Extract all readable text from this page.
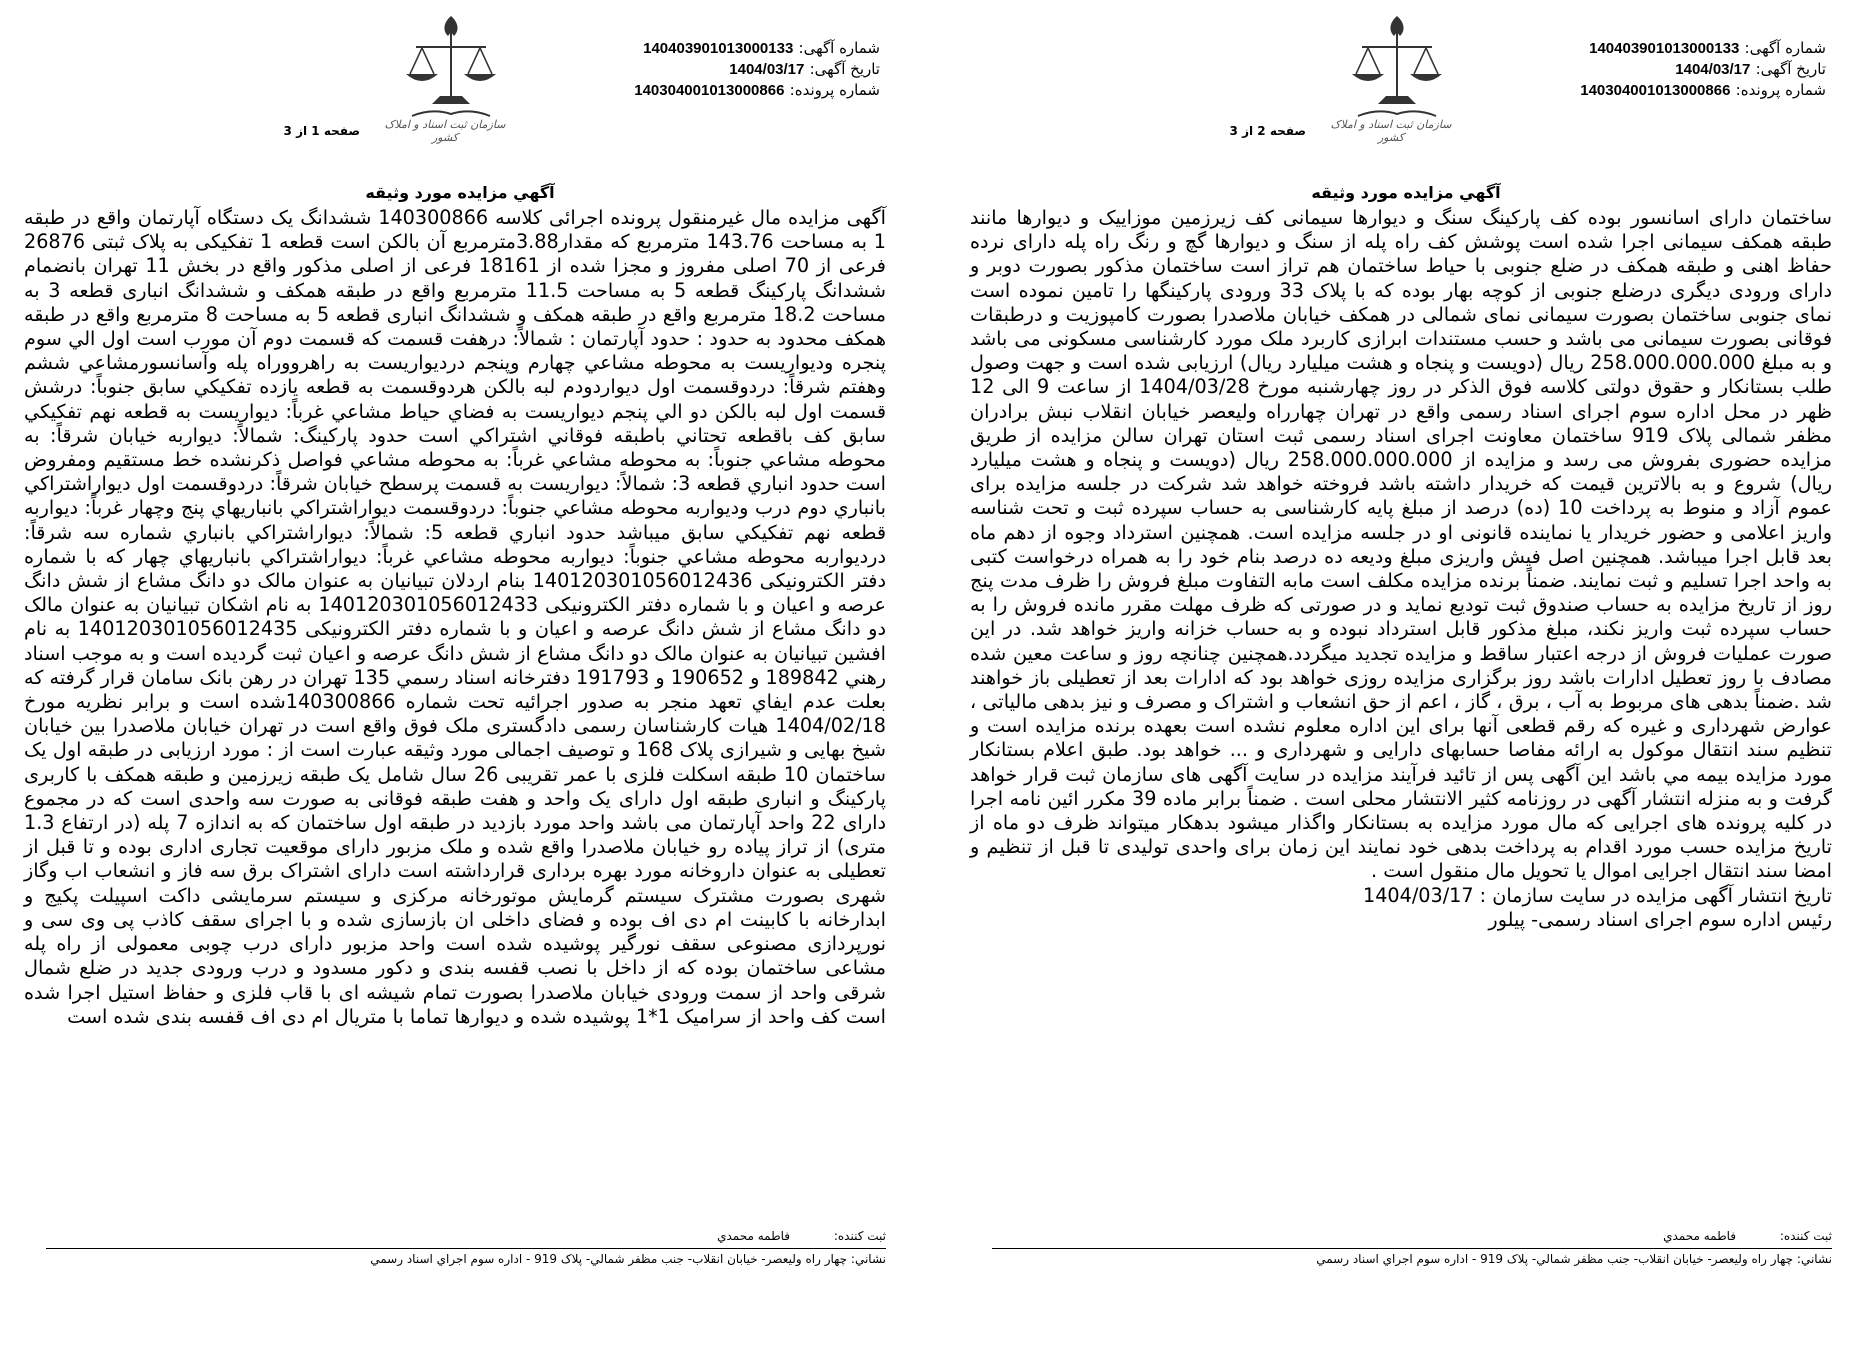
شماره آگهی: 140403901013000133
تاریخ آگهی: 1404/03/17
شماره پرونده: 140304001013000866
سازمان ثبت اسناد و املاک کشور
صفحه 2 از 3
آگهي مزايده مورد وثيقه
ساختمان دارای اسانسور بوده کف پارکینگ سنگ و دیوارها سیمانی کف زیرزمین موزاییک و دیوارها مانند طبقه همکف سیمانی اجرا شده است پوشش کف راه پله از سنگ و دیوارها گچ و رنگ راه پله دارای نرده حفاظ اهنی و طبقه همکف در ضلع جنوبی با حیاط ساختمان هم تراز است ساختمان مذکور بصورت دوبر و دارای ورودی دیگری درضلع جنوبی از کوچه بهار بوده که با پلاک 33 ورودی پارکینگها را تامین نموده است نمای جنوبی ساختمان بصورت سیمانی نمای شمالی در همکف خیابان ملاصدرا بصورت کامپوزیت و درطبقات فوقانی بصورت سیمانی می باشد و حسب مستندات ابرازی کاربرد ملک مورد کارشناسی مسکونی می باشد و به مبلغ 258.000.000.000 ریال (دویست و پنجاه و هشت میلیارد ریال) ارزیابی شده است و جهت وصول طلب بستانکار و حقوق دولتی کلاسه فوق الذکر در روز چهارشنبه مورخ 1404/03/28 از ساعت 9 الی 12 ظهر در محل اداره سوم اجرای اسناد رسمی واقع در تهران چهارراه ولیعصر خیابان انقلاب نبش برادران مظفر شمالی پلاک 919 ساختمان معاونت اجرای اسناد رسمی ثبت استان تهران سالن مزایده از طریق مزایده حضوری بفروش می رسد و مزایده از 258.000.000.000 ریال (دویست و پنجاه و هشت میلیارد ریال) شروع و به بالاترین قیمت که خریدار داشته باشد فروخته خواهد شد شرکت در جلسه مزایده برای عموم آزاد و منوط به پرداخت 10 (ده) درصد از مبلغ پایه کارشناسی به حساب سپرده ثبت و تحت شناسه واریز اعلامی و حضور خریدار یا نماینده قانونی او در جلسه مزایده است. همچنین استرداد وجوه از دهم ماه بعد قابل اجرا میباشد. همچنین اصل فیش واریزی مبلغ ودیعه ده درصد بنام خود را به همراه درخواست کتبی به واحد اجرا تسلیم و ثبت نمایند. ضمناً برنده مزایده مکلف است مابه التفاوت مبلغ فروش را ظرف مدت پنج روز از تاریخ مزایده به حساب صندوق ثبت تودیع نماید و در صورتی که ظرف مهلت مقرر مانده فروش را به حساب سپرده ثبت واریز نکند، مبلغ مذکور قابل استرداد نبوده و به حساب خزانه واریز خواهد شد. در این صورت عملیات فروش از درجه اعتبار ساقط و مزایده تجدید میگردد.همچنین چنانچه روز و ساعت معین شده مصادف با روز تعطیل ادارات باشد روز برگزاری مزایده روزی خواهد بود که ادارات بعد از تعطیلی باز خواهند شد .ضمناً بدهی های مربوط به آب ، برق ، گاز ، اعم از حق انشعاب و اشتراک و مصرف و نیز بدهی مالیاتی ، عوارض شهرداری و غیره که رقم قطعی آنها برای این اداره معلوم نشده است بعهده برنده مزایده است و تنظیم سند انتقال موکول به ارائه مفاصا حسابهای دارایی و شهرداری و ... خواهد بود. طبق اعلام بستانکار مورد مزایده بیمه مي باشد این آگهی پس از تائید فرآیند مزایده در سایت آگهی های سازمان ثبت قرار خواهد گرفت و به منزله انتشار آگهی در روزنامه کثیر الانتشار محلی است . ضمناً برابر ماده 39 مکرر ائین نامه اجرا در کلیه پرونده های اجرایی که مال مورد مزایده به بستانکار واگذار میشود بدهکار میتواند ظرف دو ماه از تاریخ مزایده حسب مورد اقدام به پرداخت بدهی خود نمایند این زمان برای واحدی تولیدی تا قبل از تنظیم و امضا سند انتقال اجرایی اموال یا تحویل مال منقول است .
تاریخ انتشار آگهی مزایده در سایت سازمان : 1404/03/17
رئیس اداره سوم اجرای اسناد رسمی- پیلور
ثبت کننده: فاطمه محمدي
نشاني: چهار راه وليعصر- خيابان انقلاب- جنب مظفر شمالي- پلاک 919 - اداره سوم اجراي اسناد رسمي
شماره آگهی: 140403901013000133
تاریخ آگهی: 1404/03/17
شماره پرونده: 140304001013000866
سازمان ثبت اسناد و املاک کشور
صفحه 1 از 3
آگهي مزايده مورد وثيقه
آگهی مزایده مال غیرمنقول پرونده اجرائی کلاسه 140300866 ششدانگ یک دستگاه آپارتمان واقع در طبقه 1 به مساحت 143.76 مترمربع که مقدار3.88مترمربع آن بالکن است قطعه 1 تفکیکی به پلاک ثبتی 26876 فرعی از 70 اصلی مفروز و مجزا شده از 18161 فرعی از اصلی مذکور واقع در بخش 11 تهران بانضمام ششدانگ پارکینگ قطعه 5 به مساحت 11.5 مترمربع واقع در طبقه همکف و ششدانگ انباری قطعه 3 به مساحت 18.2 مترمربع واقع در طبقه همکف و ششدانگ انباری قطعه 5 به مساحت 8 مترمربع واقع در طبقه همکف محدود به حدود : حدود آپارتمان : شمالاً: درهفت قسمت که قسمت دوم آن مورب است اول الي سوم پنجره وديواريست به محوطه مشاعي چهارم وپنجم درديواريست به راهرووراه پله وآسانسورمشاعي ششم وهفتم شرقاً: دردوقسمت اول ديواردودم لبه بالکن هردوقسمت به قطعه يازده تفکيکي سابق جنوباً: درشش قسمت اول لبه بالکن دو الي پنجم ديواريست به فضاي حياط مشاعي غرباً: ديواريست به قطعه نهم تفکيکي سابق کف باقطعه تحتاني باطبقه فوقاني اشتراکي است حدود پارکينگ: شمالاً: ديواربه خيابان شرقاً: به محوطه مشاعي جنوباً: به محوطه مشاعي غرباً: به محوطه مشاعي فواصل ذکرنشده خط مستقيم ومفروض است حدود انباري قطعه 3: شمالاً: ديواريست به قسمت پرسطح خيابان شرقاً: دردوقسمت اول ديواراشتراکي بانباري دوم درب وديواربه محوطه مشاعي جنوباً: دردوقسمت ديواراشتراکي بانباريهاي پنج وچهار غرباً: ديواربه قطعه نهم تفکيکي سابق ميباشد حدود انباري قطعه 5: شمالاً: ديواراشتراکي بانباري شماره سه شرقاً: درديواربه محوطه مشاعي جنوباً: ديواربه محوطه مشاعي غرباً: ديواراشتراکي بانباريهاي چهار که با شماره دفتر الکترونيکی 140120301056012436 بنام اردلان تبيانيان به عنوان مالک دو دانگ مشاع از شش دانگ عرصه و اعيان و با شماره دفتر الکترونيکی 140120301056012433 به نام اشکان تبيانيان به عنوان مالک دو دانگ مشاع از شش دانگ عرصه و اعيان و با شماره دفتر الکترونيکی 140120301056012435 به نام افشين تبيانيان به عنوان مالک دو دانگ مشاع از شش دانگ عرصه و اعيان ثبت گرديده است و به موجب اسناد رهني 189842 و 190652 و 191793 دفترخانه اسناد رسمي 135 تهران در رهن بانک سامان قرار گرفته که بعلت عدم ايفاي تعهد منجر به صدور اجرائیه تحت شماره 140300866شده است و برابر نظریه مورخ 1404/02/18 هیات کارشناسان رسمی دادگستری ملک فوق واقع است در تهران خیابان ملاصدرا بین خیابان شیخ بهایی و شیرازی پلاک 168 و توصیف اجمالی مورد وثیقه عبارت است از : مورد ارزیابی در طبقه اول یک ساختمان 10 طبقه اسکلت فلزی با عمر تقریبی 26 سال شامل یک طبقه زیرزمین و طبقه همکف با کاربری پارکینگ و انباری طبقه اول دارای یک واحد و هفت طبقه فوقانی به صورت سه واحدی است که در مجموع دارای 22 واحد آپارتمان می باشد واحد مورد بازدید در طبقه اول ساختمان که به اندازه 7 پله (در ارتفاع 1.3 متری) از تراز پیاده رو خیابان ملاصدرا واقع شده و ملک مزبور دارای موقعیت تجاری اداری بوده و تا قبل از تعطیلی به عنوان داروخانه مورد بهره برداری قرارداشته است دارای اشتراک برق سه فاز و انشعاب اب وگاز شهری بصورت مشترک سیستم گرمایش موتورخانه مرکزی و سیستم سرمایشی داکت اسپیلت پکیج و ابدارخانه با کابینت ام دی اف بوده و فضای داخلی ان بازسازی شده و با اجرای سقف کاذب پی وی سی و نورپردازی مصنوعی سقف نورگیر پوشیده شده است واحد مزبور دارای درب چوبی معمولی از راه پله مشاعی ساختمان بوده که از داخل با نصب قفسه بندی و دکور مسدود و درب ورودی جدید در ضلع شمال شرقی واحد از سمت ورودی خیابان ملاصدرا بصورت تمام شیشه ای با قاب فلزی و حفاظ استیل اجرا شده است کف واحد از سرامیک 1*1 پوشیده شده و دیوارها تماما با متریال ام دی اف قفسه بندی شده است
ثبت کننده: فاطمه محمدي
نشاني: چهار راه وليعصر- خيابان انقلاب- جنب مظفر شمالي- پلاک 919 - اداره سوم اجراي اسناد رسمي
